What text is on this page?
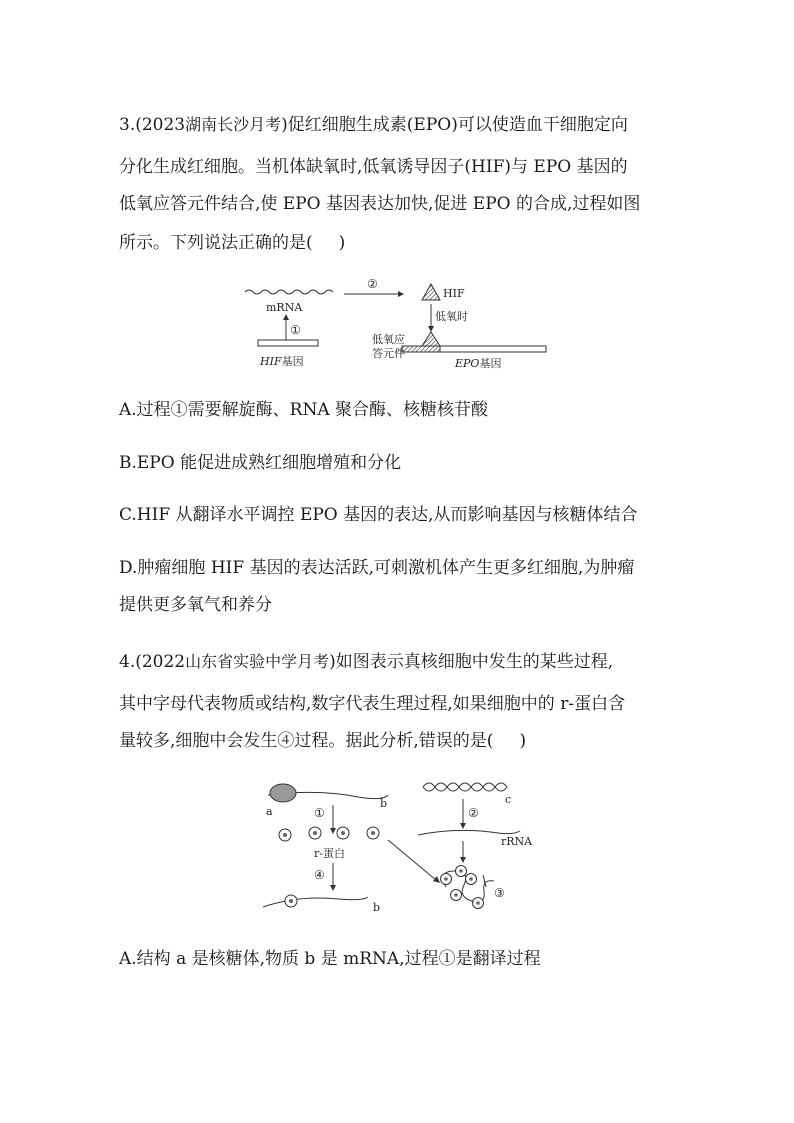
3.(2023湖南长沙月考)促红细胞生成素(EPO)可以使造血干细胞定向
分化生成红细胞。当机体缺氧时,低氧诱导因子(HIF)与 EPO 基因的
低氧应答元件结合,使 EPO 基因表达加快,促进 EPO 的合成,过程如图
所示。下列说法正确的是( )
mRNA
①
HIF基因
②
HIF
低氧时
低氧应
答元件
EPO基因
A.过程①需要解旋酶、RNA 聚合酶、核糖核苷酸
B.EPO 能促进成熟红细胞增殖和分化
C.HIF 从翻译水平调控 EPO 基因的表达,从而影响基因与核糖体结合
D.肿瘤细胞 HIF 基因的表达活跃,可刺激机体产生更多红细胞,为肿瘤
提供更多氧气和养分
4.(2022山东省实验中学月考)如图表示真核细胞中发生的某些过程,
其中字母代表物质或结构,数字代表生理过程,如果细胞中的 r-蛋白含
量较多,细胞中会发生④过程。据此分析,错误的是( )
a
b
①
r-蛋白
④
b
c
②
rRNA
③
A.结构 a 是核糖体,物质 b 是 mRNA,过程①是翻译过程
